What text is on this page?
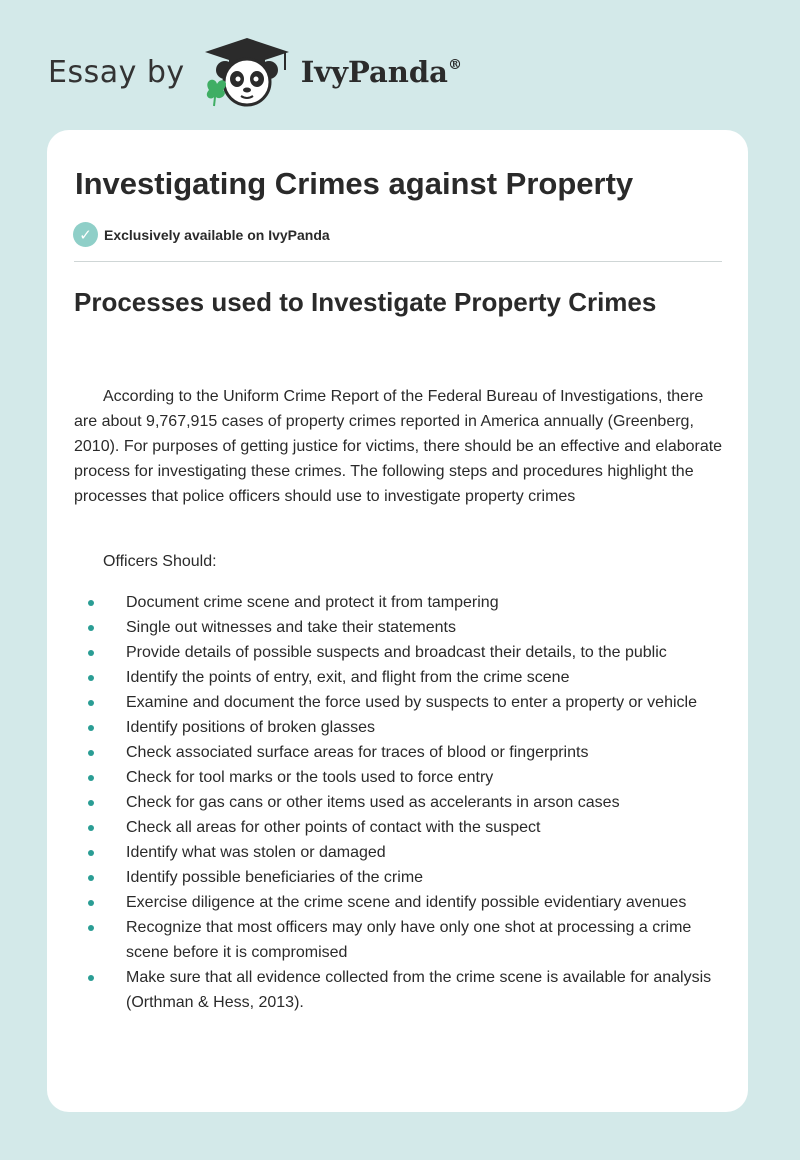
Essay by	IvyPanda®
Investigating Crimes against Property
✓ Exclusively available on IvyPanda
Processes used to Investigate Property Crimes

According to the Uniform Crime Report of the Federal Bureau of Investigations, there are about 9,767,915 cases of property crimes reported in America annually (Greenberg, 2010). For purposes of getting justice for victims, there should be an effective and elaborate process for investigating these crimes. The following steps and procedures highlight the processes that police officers should use to investigate property crimes

Officers Should:

Document crime scene and protect it from tampering
Single out witnesses and take their statements
Provide details of possible suspects and broadcast their details, to the public
Identify the points of entry, exit, and flight from the crime scene
Examine and document the force used by suspects to enter a property or vehicle
Identify positions of broken glasses
Check associated surface areas for traces of blood or fingerprints
Check for tool marks or the tools used to force entry
Check for gas cans or other items used as accelerants in arson cases
Check all areas for other points of contact with the suspect
Identify what was stolen or damaged
Identify possible beneficiaries of the crime
Exercise diligence at the crime scene and identify possible evidentiary avenues
Recognize that most officers may only have only one shot at processing a crime scene before it is compromised
Make sure that all evidence collected from the crime scene is available for analysis (Orthman & Hess, 2013).
